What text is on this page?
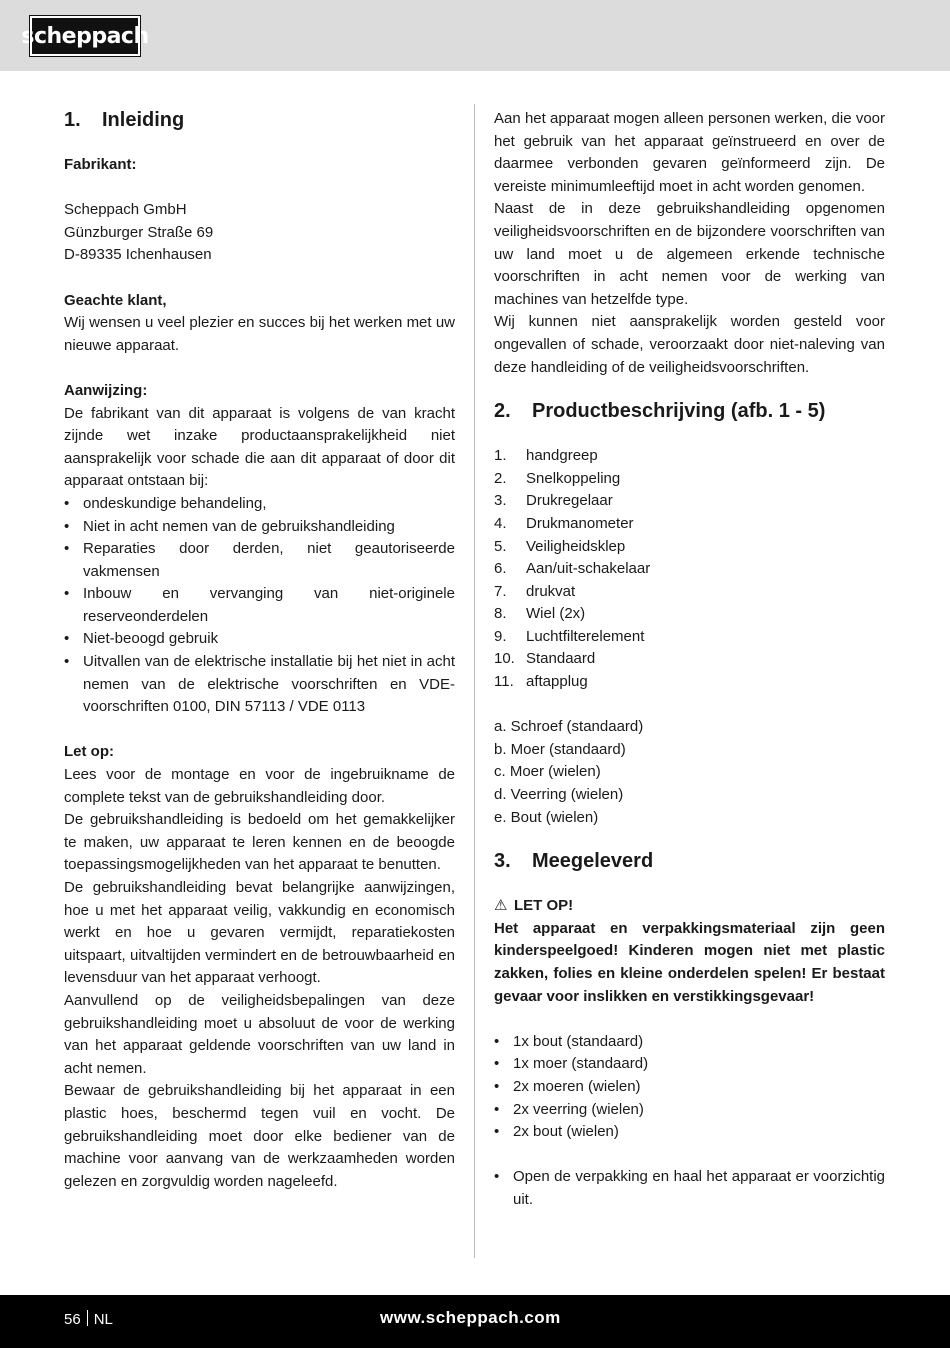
scheppach
1.	Inleiding

Fabrikant:

Scheppach GmbH

Günzburger Straße 69

D-89335 Ichenhausen

Geachte klant,

Wij wensen u veel plezier en succes bij het werken met uw nieuwe apparaat.

Aanwijzing:

De fabrikant van dit apparaat is volgens de van kracht zijnde wet inzake productaansprakelijkheid niet aansprakelijk voor schade die aan dit apparaat of door dit apparaat ontstaan bij:

• ondeskundige behandeling,
• Niet in acht nemen van de gebruikshandleiding
• Reparaties door derden, niet geautoriseerde vakmensen
• Inbouw en vervanging van niet-originele reserveonderdelen
• Niet-beoogd gebruik
• Uitvallen van de elektrische installatie bij het niet in acht nemen van de elektrische voorschriften en VDE-voorschriften 0100, DIN 57113 / VDE 0113

Let op:

Lees voor de montage en voor de ingebruikname de complete tekst van de gebruikshandleiding door.

De gebruikshandleiding is bedoeld om het gemakkelijker te maken, uw apparaat te leren kennen en de beoogde toepassingsmogelijkheden van het apparaat te benutten.

De gebruikshandleiding bevat belangrijke aanwijzingen, hoe u met het apparaat veilig, vakkundig en economisch werkt en hoe u gevaren vermijdt, reparatiekosten uitspaart, uitvaltijden vermindert en de betrouwbaarheid en levensduur van het apparaat verhoogt.

Aanvullend op de veiligheidsbepalingen van deze gebruikshandleiding moet u absoluut de voor de werking van het apparaat geldende voorschriften van uw land in acht nemen.

Bewaar de gebruikshandleiding bij het apparaat in een plastic hoes, beschermd tegen vuil en vocht. De gebruikshandleiding moet door elke bediener van de machine voor aanvang van de werkzaamheden worden gelezen en zorgvuldig worden nageleefd.

Aan het apparaat mogen alleen personen werken, die voor het gebruik van het apparaat geïnstrueerd en over de daarmee verbonden gevaren geïnformeerd zijn. De vereiste minimumleeftijd moet in acht worden genomen.

Naast de in deze gebruikshandleiding opgenomen veiligheidsvoorschriften en de bijzondere voorschriften van uw land moet u de algemeen erkende technische voorschriften in acht nemen voor de werking van machines van hetzelfde type.

Wij kunnen niet aansprakelijk worden gesteld voor ongevallen of schade, veroorzaakt door niet-naleving van deze handleiding of de veiligheidsvoorschriften.

2.	Productbeschrijving (afb. 1 - 5)
1.	handgreep
2.	Snelkoppeling
3.	Drukregelaar
4.	Drukmanometer
5.	Veiligheidsklep
6.	Aan/uit-schakelaar
7.	drukvat
8.	Wiel (2x)
9.	Luchtfilterelement
10. Standaard
11. aftapplug
a. Schroef (standaard)
b. Moer (standaard)
c. Moer (wielen)
d. Veerring (wielen)
e. Bout (wielen)
3.	Meegeleverd
⚠ LET OP!

Het apparaat en verpakkingsmateriaal zijn geen kinderspeelgoed! Kinderen mogen niet met plastic zakken, folies en kleine onderdelen spelen! Er bestaat gevaar voor inslikken en verstikkingsgevaar!

• 1x bout (standaard)
• 1x moer (standaard)
• 2x moeren (wielen)
• 2x veerring (wielen)
• 2x bout (wielen)
• Open de verpakking en haal het apparaat er voorzichtig uit.
56 NL	www.scheppach.com
